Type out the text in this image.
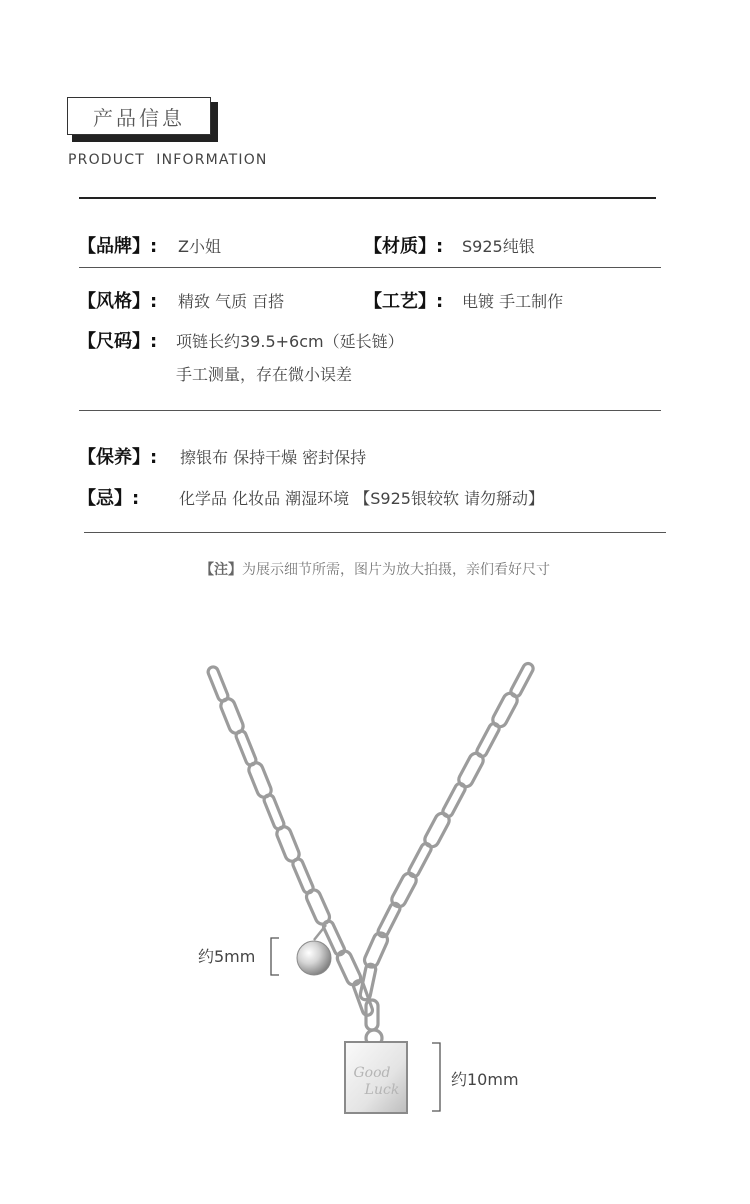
产品信息
PRODUCT  INFORMATION
【品牌】: Z小姐	【材质】: S925纯银
【风格】: 精致 气质 百搭	【工艺】: 电镀 手工制作
【尺码】: 项链长约39.5+6cm（延长链）
手工测量，存在微小误差
【保养】: 擦银布 保持干燥 密封保持
【忌】: 化学品 化妆品 潮湿环境 【S925银较软 请勿掰动】
【注】为展示细节所需，图片为放大拍摄，亲们看好尺寸
Good
Luck
约5mm
约10mm
